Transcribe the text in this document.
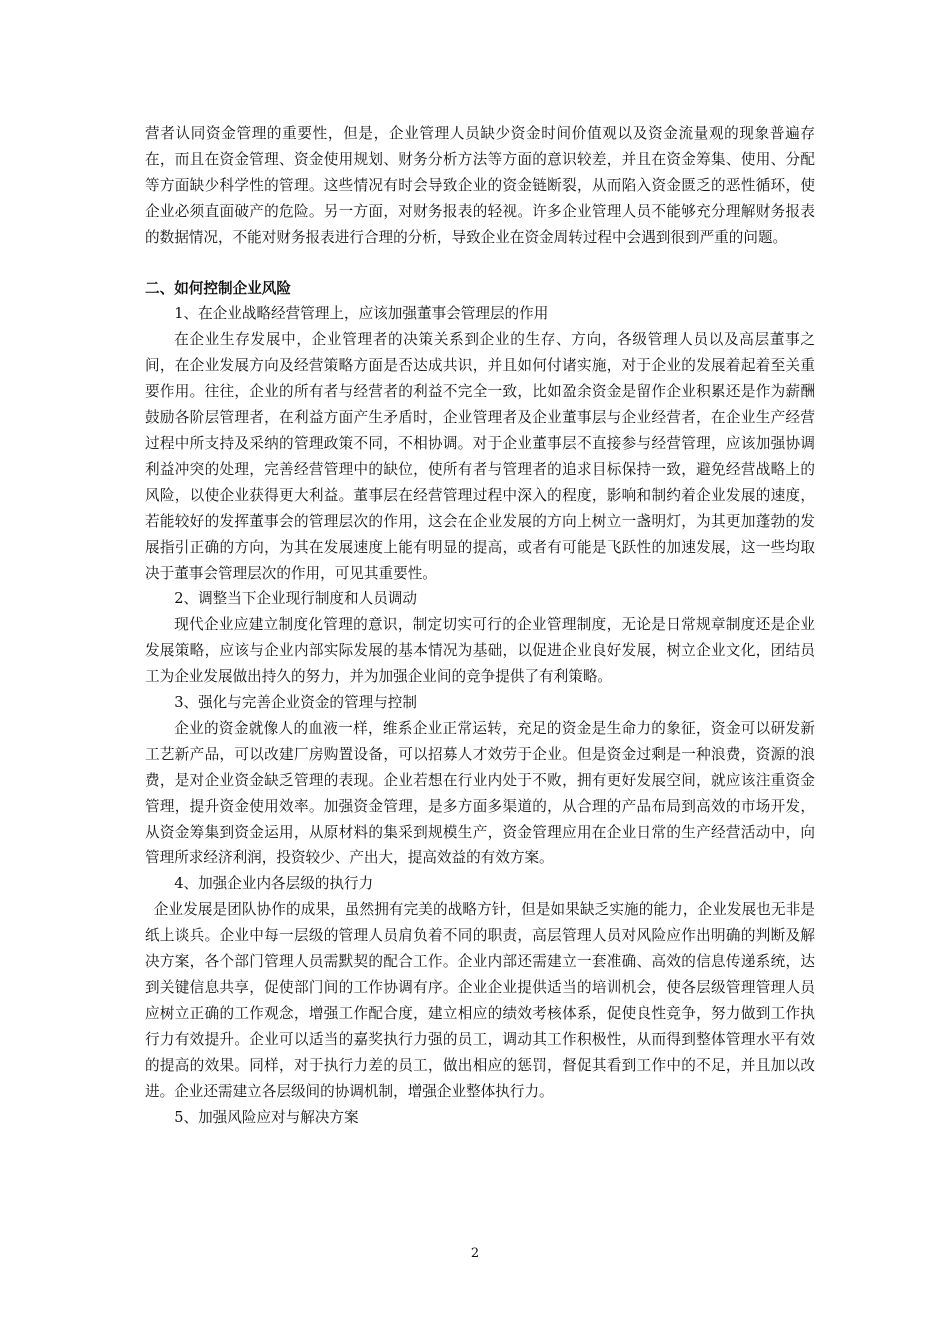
营者认同资金管理的重要性，但是，企业管理人员缺少资金时间价值观以及资金流量观的现象普遍存在，而且在资金管理、资金使用规划、财务分析方法等方面的意识较差，并且在资金筹集、使用、分配等方面缺少科学性的管理。这些情况有时会导致企业的资金链断裂，从而陷入资金匮乏的恶性循环，使企业必须直面破产的危险。另一方面，对财务报表的轻视。许多企业管理人员不能够充分理解财务报表的数据情况，不能对财务报表进行合理的分析，导致企业在资金周转过程中会遇到很到严重的问题。

二、如何控制企业风险

1、在企业战略经营管理上，应该加强董事会管理层的作用

在企业生存发展中，企业管理者的决策关系到企业的生存、方向，各级管理人员以及高层董事之间，在企业发展方向及经营策略方面是否达成共识，并且如何付诸实施，对于企业的发展着起着至关重要作用。往往，企业的所有者与经营者的利益不完全一致，比如盈余资金是留作企业积累还是作为薪酬鼓励各阶层管理者，在利益方面产生矛盾时，企业管理者及企业董事层与企业经营者，在企业生产经营过程中所支持及采纳的管理政策不同，不相协调。对于企业董事层不直接参与经营管理，应该加强协调利益冲突的处理，完善经营管理中的缺位，使所有者与管理者的追求目标保持一致，避免经营战略上的风险，以使企业获得更大利益。董事层在经营管理过程中深入的程度，影响和制约着企业发展的速度，若能较好的发挥董事会的管理层次的作用，这会在企业发展的方向上树立一盏明灯，为其更加蓬勃的发展指引正确的方向，为其在发展速度上能有明显的提高，或者有可能是飞跃性的加速发展，这一些均取决于董事会管理层次的作用，可见其重要性。

2、调整当下企业现行制度和人员调动

现代企业应建立制度化管理的意识，制定切实可行的企业管理制度，无论是日常规章制度还是企业发展策略，应该与企业内部实际发展的基本情况为基础，以促进企业良好发展，树立企业文化，团结员工为企业发展做出持久的努力，并为加强企业间的竞争提供了有利策略。

3、强化与完善企业资金的管理与控制

企业的资金就像人的血液一样，维系企业正常运转，充足的资金是生命力的象征，资金可以研发新工艺新产品，可以改建厂房购置设备，可以招募人才效劳于企业。但是资金过剩是一种浪费，资源的浪费，是对企业资金缺乏管理的表现。企业若想在行业内处于不败，拥有更好发展空间，就应该注重资金管理，提升资金使用效率。加强资金管理，是多方面多渠道的，从合理的产品布局到高效的市场开发，从资金筹集到资金运用，从原材料的集采到规模生产，资金管理应用在企业日常的生产经营活动中，向管理所求经济利润，投资较少、产出大，提高效益的有效方案。

4、加强企业内各层级的执行力

企业发展是团队协作的成果，虽然拥有完美的战略方针，但是如果缺乏实施的能力，企业发展也无非是纸上谈兵。企业中每一层级的管理人员肩负着不同的职责，高层管理人员对风险应作出明确的判断及解决方案，各个部门管理人员需默契的配合工作。企业内部还需建立一套准确、高效的信息传递系统，达到关键信息共享，促使部门间的工作协调有序。企业企业提供适当的培训机会，使各层级管理管理人员应树立正确的工作观念，增强工作配合度，建立相应的绩效考核体系，促使良性竞争，努力做到工作执行力有效提升。企业可以适当的嘉奖执行力强的员工，调动其工作积极性，从而得到整体管理水平有效的提高的效果。同样，对于执行力差的员工，做出相应的惩罚，督促其看到工作中的不足，并且加以改进。企业还需建立各层级间的协调机制，增强企业整体执行力。

5、加强风险应对与解决方案

2
